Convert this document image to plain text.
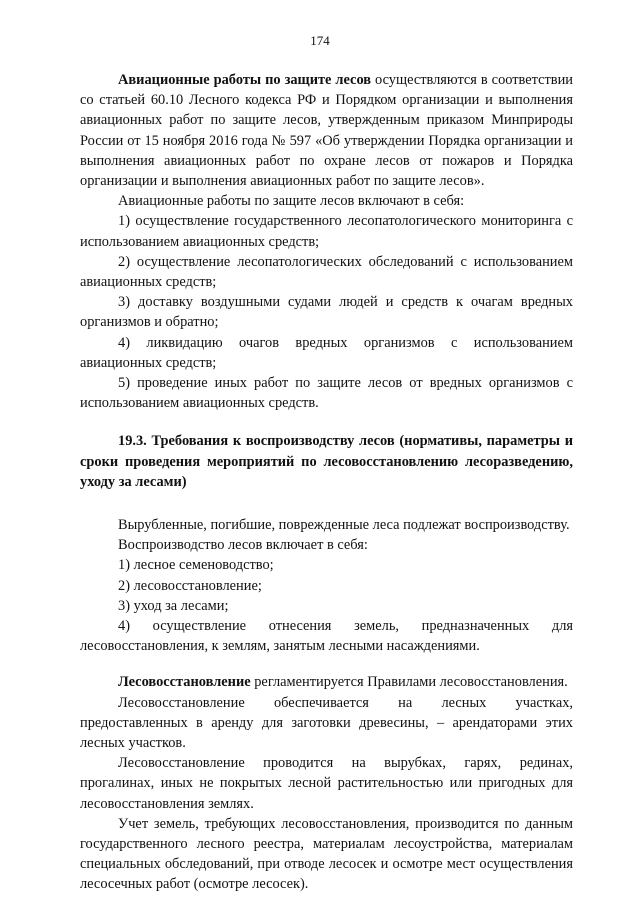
174

Авиационные работы по защите лесов осуществляются в соответствии со статьей 60.10 Лесного кодекса РФ и Порядком организации и выполнения авиационных работ по защите лесов, утвержденным приказом Минприроды России от 15 ноября 2016 года № 597 «Об утверждении Порядка организации и выполнения авиационных работ по охране лесов от пожаров и Порядка организации и выполнения авиационных работ по защите лесов».

Авиационные работы по защите лесов включают в себя:

1) осуществление государственного лесопатологического мониторинга с использованием авиационных средств;

2) осуществление лесопатологических обследований с использованием авиационных средств;

3) доставку воздушными судами людей и средств к очагам вредных организмов и обратно;

4) ликвидацию очагов вредных организмов с использованием авиационных средств;

5) проведение иных работ по защите лесов от вредных организмов с использованием авиационных средств.

19.3. Требования к воспроизводству лесов (нормативы, параметры и сроки проведения мероприятий по лесовосстановлению лесоразведению, уходу за лесами)

Вырубленные, погибшие, поврежденные леса подлежат воспроизводству.

Воспроизводство лесов включает в себя:

1) лесное семеноводство;

2) лесовосстановление;

3) уход за лесами;

4) осуществление отнесения земель, предназначенных для лесовосстановления, к землям, занятым лесными насаждениями.

Лесовосстановление регламентируется Правилами лесовосстановления.

Лесовосстановление обеспечивается на лесных участках, предоставленных в аренду для заготовки древесины, – арендаторами этих лесных участков.

Лесовосстановление проводится на вырубках, гарях, рединах, прогалинах, иных не покрытых лесной растительностью или пригодных для лесовосстановления землях.

Учет земель, требующих лесовосстановления, производится по данным государственного лесного реестра, материалам лесоустройства, материалам специальных обследований, при отводе лесосек и осмотре мест осуществления лесосечных работ (осмотре лесосек).
